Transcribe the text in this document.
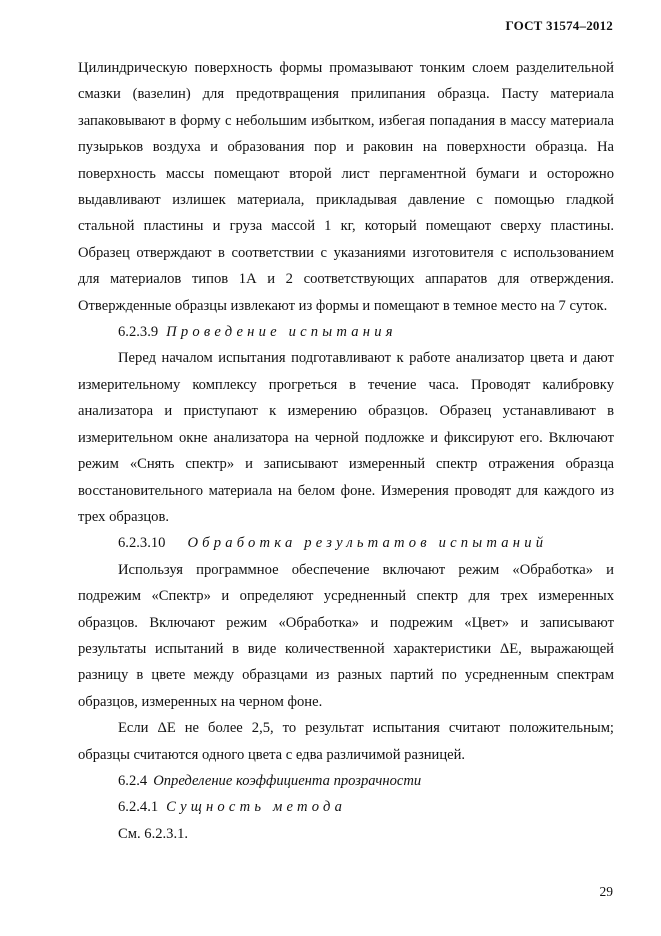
ГОСТ 31574–2012

Цилиндрическую поверхность формы промазывают тонким слоем разделительной смазки (вазелин) для предотвращения прилипания образца. Пасту материала запаковывают в форму с небольшим избытком, избегая попадания в массу материала пузырьков воздуха и образования пор и раковин на поверхности образца. На поверхность массы помещают второй лист пергаментной бумаги и осторожно выдавливают излишек материала, прикладывая давление с помощью гладкой стальной пластины и груза массой 1 кг, который помещают сверху пластины. Образец отверждают в соответствии с указаниями изготовителя с использованием для материалов типов 1А и 2 соответствующих аппаратов для отверждения. Отвержденные образцы извлекают из формы и помещают в темное место на 7 суток.

6.2.3.9 Проведение испытания

Перед началом испытания подготавливают к работе анализатор цвета и дают измерительному комплексу прогреться в течение часа. Проводят калибровку анализатора и приступают к измерению образцов. Образец устанавливают в измерительном окне анализатора на черной подложке и фиксируют его. Включают режим «Снять спектр» и записывают измеренный спектр отражения образца восстановительного материала на белом фоне. Измерения проводят для каждого из трех образцов.

6.2.3.10 Обработка результатов испытаний

Используя программное обеспечение включают режим «Обработка» и подрежим «Спектр» и определяют усредненный спектр для трех измеренных образцов. Включают режим «Обработка» и подрежим «Цвет» и записывают результаты испытаний в виде количественной характеристики ΔE, выражающей разницу в цвете между образцами из разных партий по усредненным спектрам образцов, измеренных на черном фоне.

Если ΔE не более 2,5, то результат испытания считают положительным; образцы считаются одного цвета с едва различимой разницей.

6.2.4 Определение коэффициента прозрачности

6.2.4.1 Сущность метода

См. 6.2.3.1.

29
